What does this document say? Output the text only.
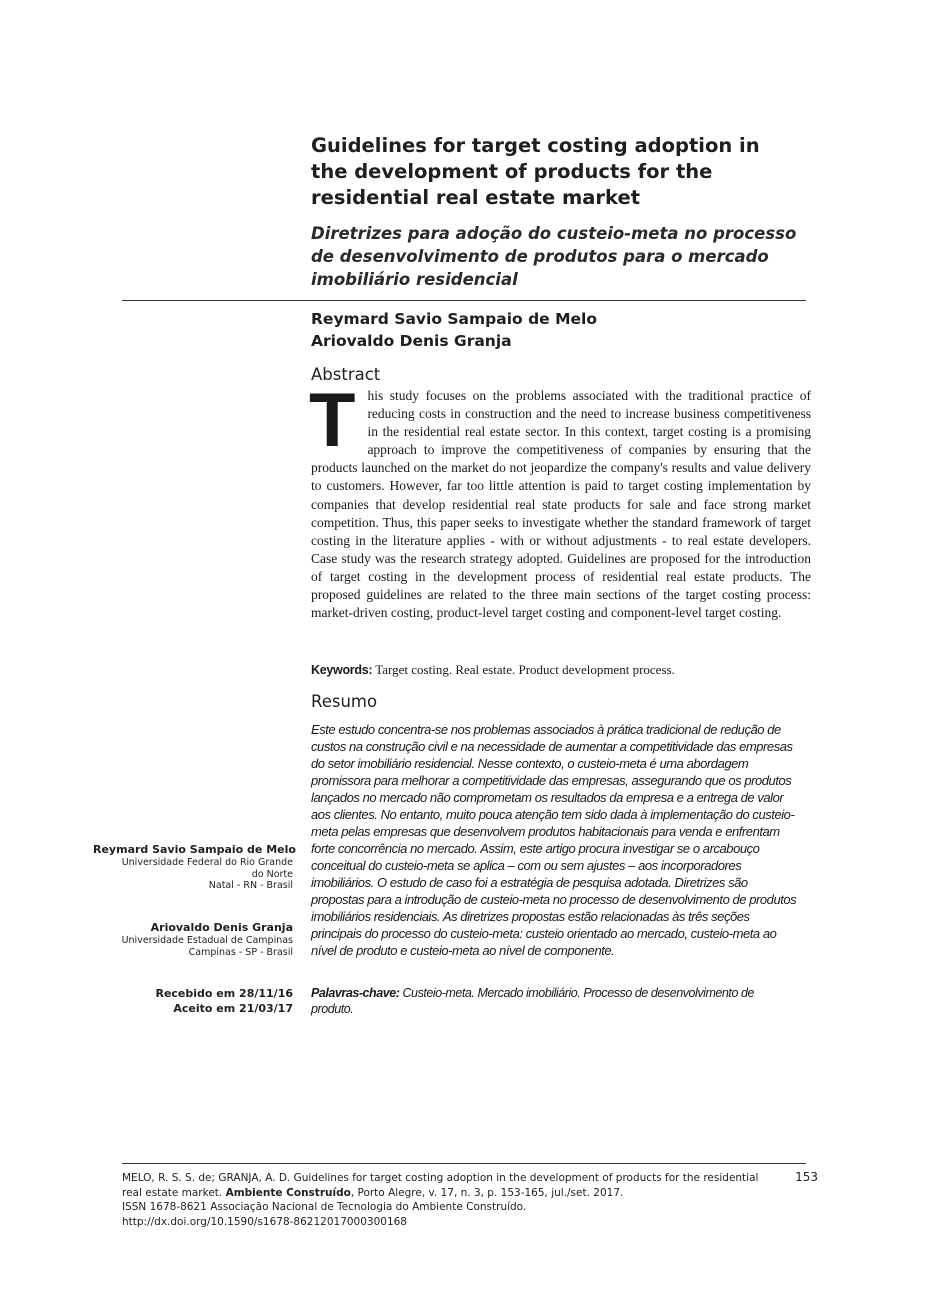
Guidelines for target costing adoption in the development of products for the residential real estate market
Diretrizes para adoção do custeio-meta no processo de desenvolvimento de produtos para o mercado imobiliário residencial
Reymard Savio Sampaio de Melo
Ariovaldo Denis Granja
Abstract

This study focuses on the problems associated with the traditional practice of reducing costs in construction and the need to increase business competitiveness in the residential real estate sector. In this context, target costing is a promising approach to improve the competitiveness of companies by ensuring that the products launched on the market do not jeopardize the company's results and value delivery to customers. However, far too little attention is paid to target costing implementation by companies that develop residential real state products for sale and face strong market competition. Thus, this paper seeks to investigate whether the standard framework of target costing in the literature applies - with or without adjustments - to real estate developers. Case study was the research strategy adopted. Guidelines are proposed for the introduction of target costing in the development process of residential real estate products. The proposed guidelines are related to the three main sections of the target costing process: market-driven costing, product-level target costing and component-level target costing.

Keywords: Target costing. Real estate. Product development process.
Resumo

Este estudo concentra-se nos problemas associados à prática tradicional de redução de custos na construção civil e na necessidade de aumentar a competitividade das empresas do setor imobiliário residencial. Nesse contexto, o custeio-meta é uma abordagem promissora para melhorar a competitividade das empresas, assegurando que os produtos lançados no mercado não comprometam os resultados da empresa e a entrega de valor aos clientes. No entanto, muito pouca atenção tem sido dada à implementação do custeio-meta pelas empresas que desenvolvem produtos habitacionais para venda e enfrentam forte concorrência no mercado. Assim, este artigo procura investigar se o arcabouço conceitual do custeio-meta se aplica – com ou sem ajustes – aos incorporadores imobiliários. O estudo de caso foi a estratégia de pesquisa adotada. Diretrizes são propostas para a introdução de custeio-meta no processo de desenvolvimento de produtos imobiliários residenciais. As diretrizes propostas estão relacionadas às três seções principais do processo do custeio-meta: custeio orientado ao mercado, custeio-meta ao nível de produto e custeio-meta ao nível de componente.

Palavras-chave: Custeio-meta. Mercado imobiliário. Processo de desenvolvimento de produto.
Reymard Savio Sampaio de Melo
Universidade Federal do Rio Grande
do Norte
Natal - RN - Brasil
Ariovaldo Denis Granja
Universidade Estadual de Campinas
Campinas - SP - Brasil
Recebido em 28/11/16
Aceito em 21/03/17
MELO, R. S. S. de; GRANJA, A. D. Guidelines for target costing adoption in the development of products for the residential real estate market. Ambiente Construído, Porto Alegre, v. 17, n. 3, p. 153-165, jul./set. 2017.
ISSN 1678-8621 Associação Nacional de Tecnologia do Ambiente Construído.
http://dx.doi.org/10.1590/s1678-86212017000300168
153
